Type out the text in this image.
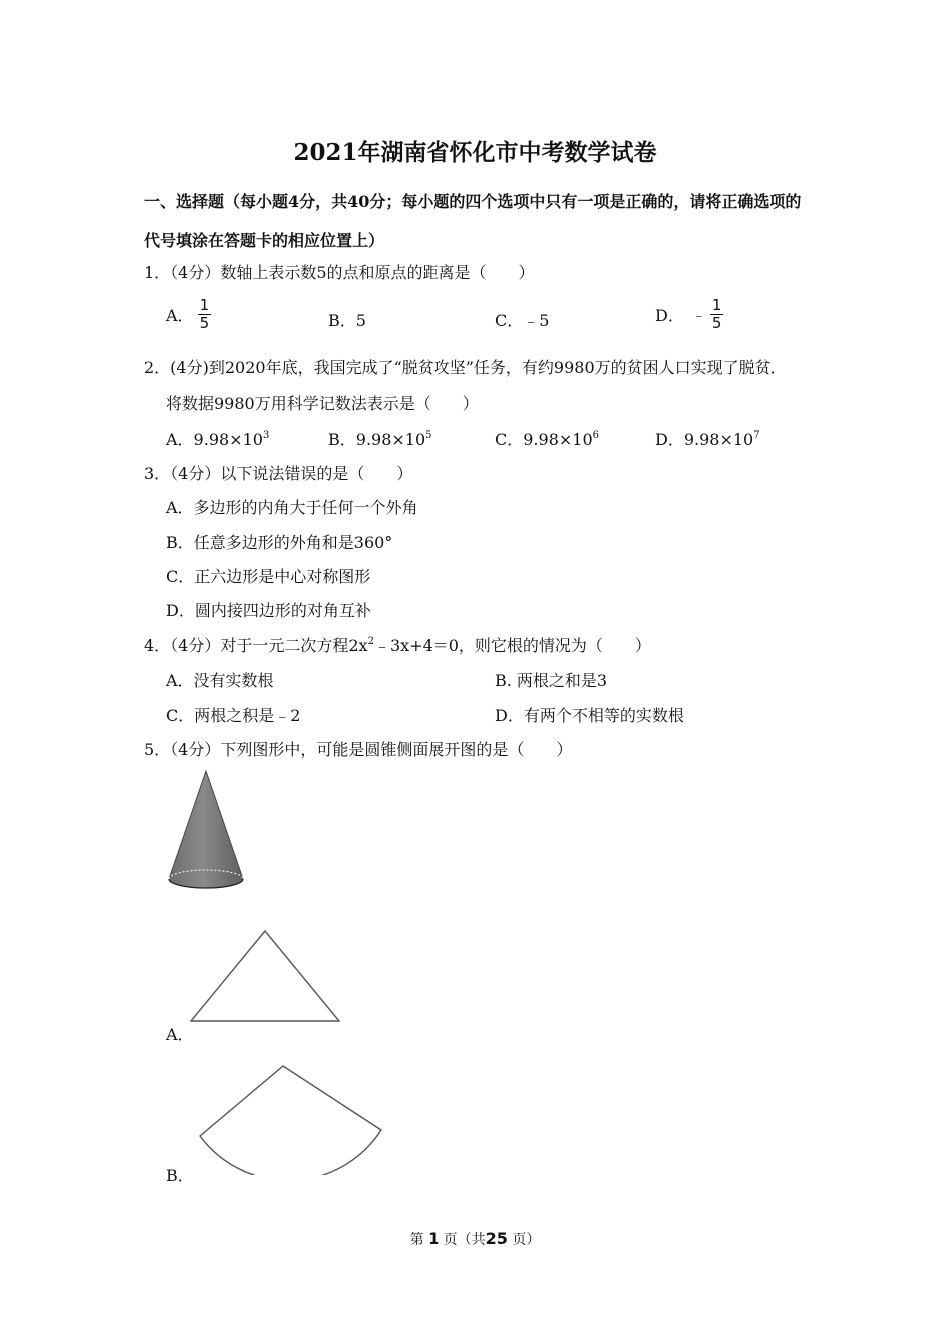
2021年湖南省怀化市中考数学试卷
一、选择题（每小题4分，共40分；每小题的四个选项中只有一项是正确的，请将正确选项的
代号填涂在答题卡的相应位置上）
1．（4分）数轴上表示数5的点和原点的距离是（　　）
A． $\frac{1}{5}$	B．5	C．﹣5	D． ﹣ $\frac{1}{5}$
2．(4分)到2020年底，我国完成了“脱贫攻坚”任务，有约9980万的贫困人口实现了脱贫．
将数据9980万用科学记数法表示是（　　）
A．$9.98\times 10^3$	B．$9.98\times 10^5$	C．$9.98\times 10^6$	D．$9.98\times 10^7$
3．（4分）以下说法错误的是（　　）
A．多边形的内角大于任何一个外角
B．任意多边形的外角和是360°
C．正六边形是中心对称图形
D．圆内接四边形的对角互补
4．（4分）对于一元二次方程$2x^2﹣3x+4=0$，则它根的情况为（　　）
A．没有实数根	B. 两根之和是3
C．两根之积是﹣2	D．有两个不相等的实数根
5．（4分）下列图形中，可能是圆锥侧面展开图的是（　　）
A．
B．
第 1 页（共25 页）
